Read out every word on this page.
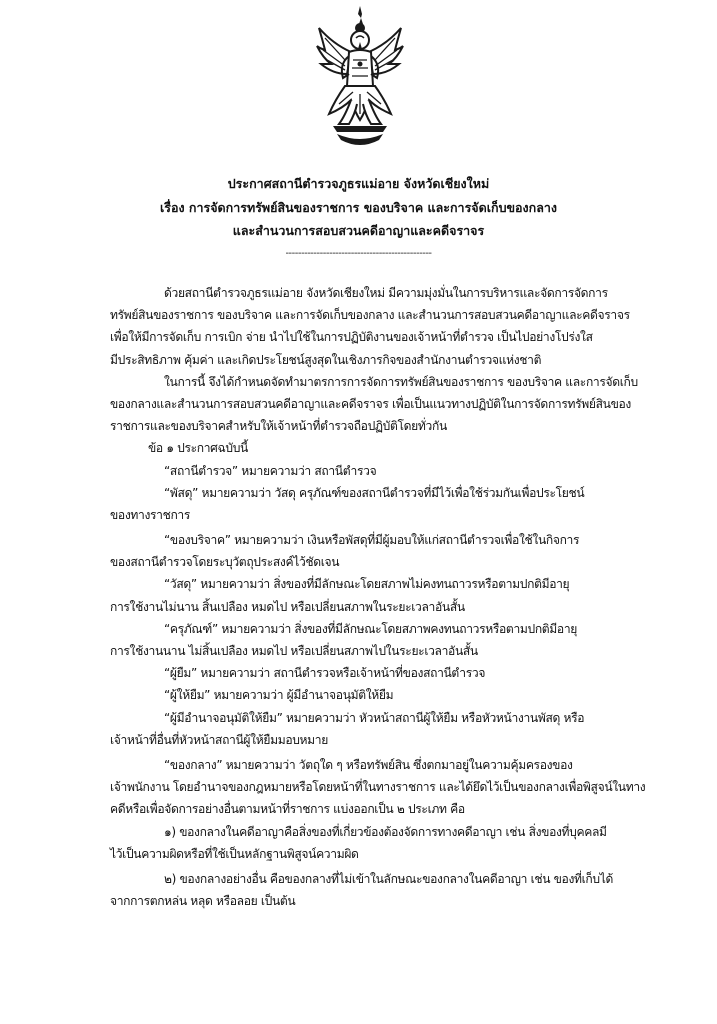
ประกาศสถานีตำรวจภูธรแม่อาย จังหวัดเชียงใหม่
เรื่อง การจัดการทรัพย์สินของราชการ ของบริจาค และการจัดเก็บของกลาง
และสำนวนการสอบสวนคดีอาญาและคดีจราจร
-----------------------------------------------
ด้วยสถานีตำรวจภูธรแม่อาย จังหวัดเชียงใหม่ มีความมุ่งมั่นในการบริหารและจัดการจัดการ
ทรัพย์สินของราชการ ของบริจาค และการจัดเก็บของกลาง และสำนวนการสอบสวนคดีอาญาและคดีจราจร
เพื่อให้มีการจัดเก็บ การเบิก จ่าย นำไปใช้ในการปฏิบัติงานของเจ้าหน้าที่ตำรวจ เป็นไปอย่างโปร่งใส
มีประสิทธิภาพ คุ้มค่า และเกิดประโยชน์สูงสุดในเชิงภารกิจของสำนักงานตำรวจแห่งชาติ
ในการนี้ จึงได้กำหนดจัดทำมาตรการการจัดการทรัพย์สินของราชการ ของบริจาค และการจัดเก็บ
ของกลางและสำนวนการสอบสวนคดีอาญาและคดีจราจร เพื่อเป็นแนวทางปฏิบัติในการจัดการทรัพย์สินของ
ราชการและของบริจาคสำหรับให้เจ้าหน้าที่ตำรวจถือปฏิบัติโดยทั่วกัน
ข้อ ๑ ประกาศฉบับนี้
“สถานีตำรวจ” หมายความว่า สถานีตำรวจ
“พัสดุ” หมายความว่า วัสดุ ครุภัณฑ์ของสถานีตำรวจที่มีไว้เพื่อใช้ร่วมกันเพื่อประโยชน์
ของทางราชการ
“ของบริจาค” หมายความว่า เงินหรือพัสดุที่มีผู้มอบให้แก่สถานีตำรวจเพื่อใช้ในกิจการ
ของสถานีตำรวจโดยระบุวัตถุประสงค์ไว้ชัดเจน
“วัสดุ” หมายความว่า สิ่งของที่มีลักษณะโดยสภาพไม่คงทนถาวรหรือตามปกติมีอายุ
การใช้งานไม่นาน สิ้นเปลือง หมดไป หรือเปลี่ยนสภาพในระยะเวลาอันสั้น
“ครุภัณฑ์” หมายความว่า สิ่งของที่มีลักษณะโดยสภาพคงทนถาวรหรือตามปกติมีอายุ
การใช้งานนาน ไม่สิ้นเปลือง หมดไป หรือเปลี่ยนสภาพไปในระยะเวลาอันสั้น
“ผู้ยืม” หมายความว่า สถานีตำรวจหรือเจ้าหน้าที่ของสถานีตำรวจ
“ผู้ให้ยืม” หมายความว่า ผู้มีอำนาจอนุมัติให้ยืม
“ผู้มีอำนาจอนุมัติให้ยืม” หมายความว่า หัวหน้าสถานีผู้ให้ยืม หรือหัวหน้างานพัสดุ หรือ
เจ้าหน้าที่อื่นที่หัวหน้าสถานีผู้ให้ยืมมอบหมาย
“ของกลาง” หมายความว่า วัตถุใด ๆ หรือทรัพย์สิน ซึ่งตกมาอยู่ในความคุ้มครองของ
เจ้าพนักงาน โดยอำนาจของกฎหมายหรือโดยหน้าที่ในทางราชการ และได้ยึดไว้เป็นของกลางเพื่อพิสูจน์ในทาง
คดีหรือเพื่อจัดการอย่างอื่นตามหน้าที่ราชการ แบ่งออกเป็น ๒ ประเภท คือ
๑) ของกลางในคดีอาญาคือสิ่งของที่เกี่ยวข้องต้องจัดการทางคดีอาญา เช่น สิ่งของที่บุคคลมี
ไว้เป็นความผิดหรือที่ใช้เป็นหลักฐานพิสูจน์ความผิด
๒) ของกลางอย่างอื่น คือของกลางที่ไม่เข้าในลักษณะของกลางในคดีอาญา เช่น ของที่เก็บได้
จากการตกหล่น หลุด หรือลอย เป็นต้น
